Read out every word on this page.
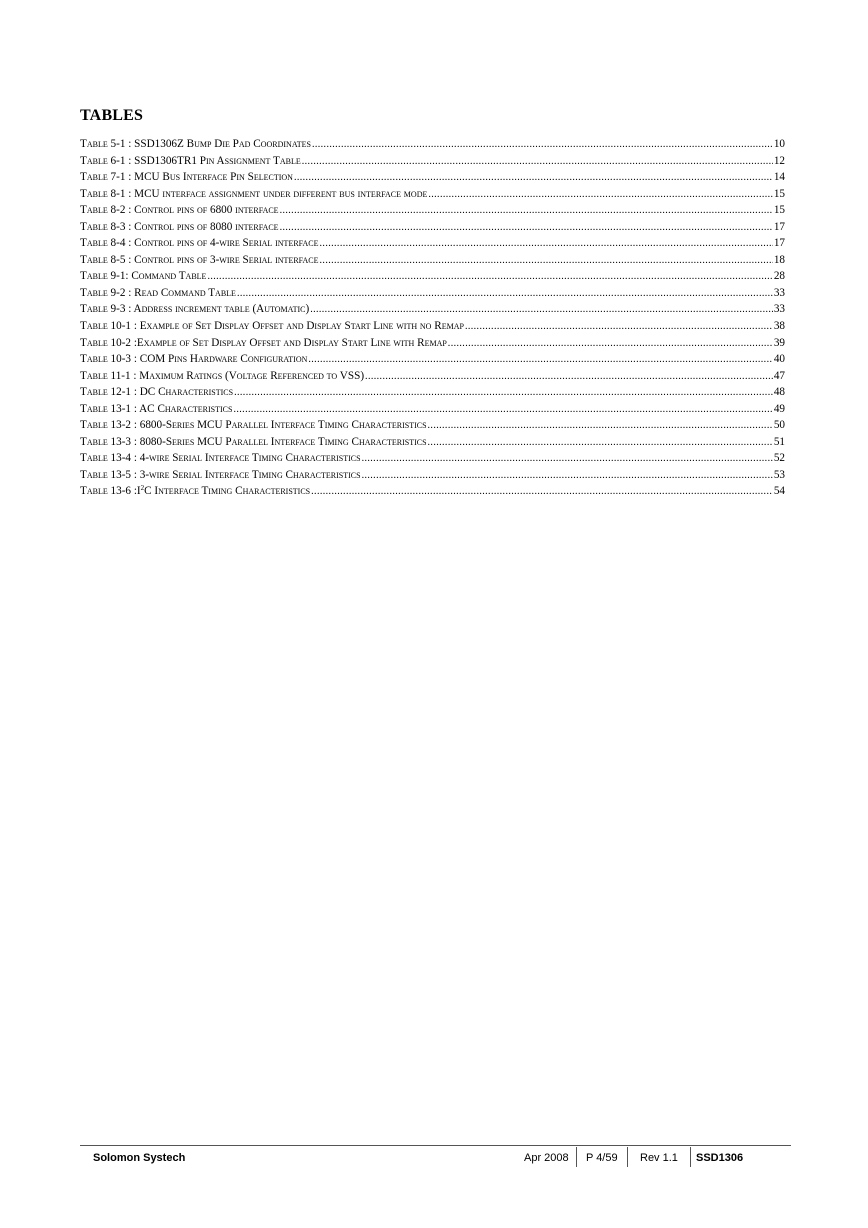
TABLES
Table 5-1 : SSD1306Z Bump Die Pad Coordinates .....	10
Table 6-1 : SSD1306TR1 Pin Assignment Table .....	12
Table 7-1 : MCU Bus Interface Pin Selection .....	14
Table 8-1 : MCU interface assignment under different bus interface mode .....	15
Table 8-2 : Control pins of 6800 interface .....	15
Table 8-3 : Control pins of 8080 interface .....	17
Table 8-4 : Control pins of 4-wire Serial interface .....	17
Table 8-5 : Control pins of 3-wire Serial interface .....	18
Table 9-1: Command Table .....	28
Table 9-2 : Read Command Table .....	33
Table 9-3 : Address increment table (Automatic) .....	33
Table 10-1 : Example of Set Display Offset and Display Start Line with no Remap .....	38
Table 10-2 :Example of Set Display Offset and Display Start Line with Remap .....	39
Table 10-3 : COM Pins Hardware Configuration .....	40
Table 11-1 : Maximum Ratings (Voltage Referenced to VSS) .....	47
Table 12-1 : DC Characteristics .....	48
Table 13-1 : AC Characteristics .....	49
Table 13-2 : 6800-Series MCU Parallel Interface Timing Characteristics .....	50
Table 13-3 : 8080-Series MCU Parallel Interface Timing Characteristics .....	51
Table 13-4 : 4-wire Serial Interface Timing Characteristics .....	52
Table 13-5 : 3-wire Serial Interface Timing Characteristics .....	53
Table 13-6 $:I^2C$ Interface Timing Characteristics .....	54
Solomon Systech	Apr 2008 P 4/59 Rev 1.1 SSD1306
